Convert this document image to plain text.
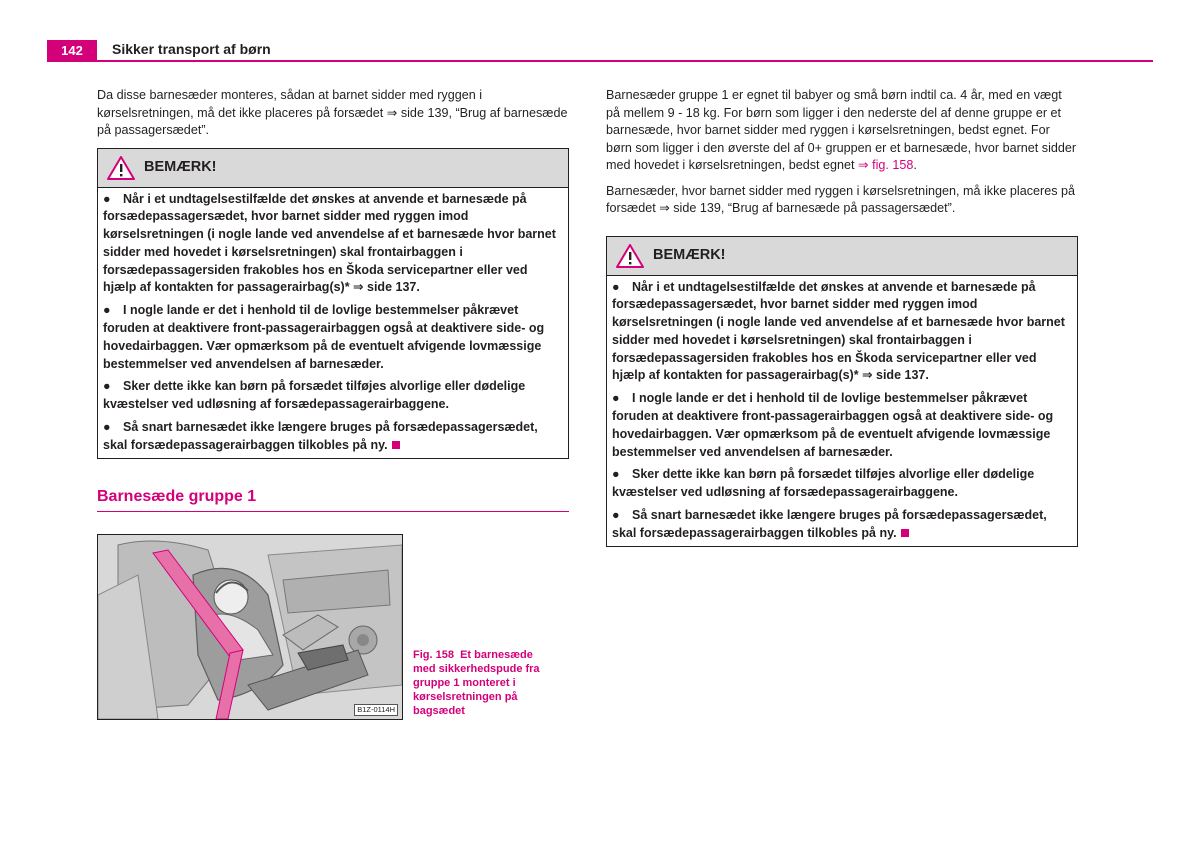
142	Sikker transport af børn

Da disse barnesæder monteres, sådan at barnet sidder med ryggen i kørselsretningen, må det ikke placeres på forsædet ⇒ side 139, “Brug af barnesæde på passagersædet”.

BEMÆRK!
● Når i et undtagelsestilfælde det ønskes at anvende et barnesæde på forsædepassagersædet, hvor barnet sidder med ryggen imod kørselsretningen (i nogle lande ved anvendelse af et barnesæde hvor barnet sidder med hovedet i kørselsretningen) skal frontairbaggen i forsædepassagersiden frakobles hos en Škoda servicepartner eller ved hjælp af kontakten for passagerairbag(s)* ⇒ side 137.
● I nogle lande er det i henhold til de lovlige bestemmelser påkrævet foruden at deaktivere front-passagerairbaggen også at deaktivere side- og hovedairbaggen. Vær opmærksom på de eventuelt afvigende lovmæssige bestemmelser ved anvendelsen af barnesæder.
● Sker dette ikke kan børn på forsædet tilføjes alvorlige eller dødelige kvæstelser ved udløsning af forsædepassagerairbaggene.
● Så snart barnesædet ikke længere bruges på forsædepassagersædet, skal forsædepassagerairbaggen tilkobles på ny.
Barnesæde gruppe 1
B1Z-0114H
Fig. 158 Et barnesæde med sikkerhedspude fra gruppe 1 monteret i kørselsretningen på bagsædet

Barnesæder gruppe 1 er egnet til babyer og små børn indtil ca. 4 år, med en vægt på mellem 9 - 18 kg. For børn som ligger i den nederste del af denne gruppe er et barnesæde, hvor barnet sidder med ryggen i kørselsretningen, bedst egnet. For børn som ligger i den øverste del af 0+ gruppen er et barnesæde, hvor barnet sidder med hovedet i kørselsretningen, bedst egnet ⇒ fig. 158.

Barnesæder, hvor barnet sidder med ryggen i kørselsretningen, må ikke placeres på forsædet ⇒ side 139, “Brug af barnesæde på passagersædet”.

BEMÆRK!
● Når i et undtagelsestilfælde det ønskes at anvende et barnesæde på forsædepassagersædet, hvor barnet sidder med ryggen imod kørselsretningen (i nogle lande ved anvendelse af et barnesæde hvor barnet sidder med hovedet i kørselsretningen) skal frontairbaggen i forsædepassagersiden frakobles hos en Škoda servicepartner eller ved hjælp af kontakten for passagerairbag(s)* ⇒ side 137.
● I nogle lande er det i henhold til de lovlige bestemmelser påkrævet foruden at deaktivere front-passagerairbaggen også at deaktivere side- og hovedairbaggen. Vær opmærksom på de eventuelt afvigende lovmæssige bestemmelser ved anvendelsen af barnesæder.
● Sker dette ikke kan børn på forsædet tilføjes alvorlige eller dødelige kvæstelser ved udløsning af forsædepassagerairbaggene.
● Så snart barnesædet ikke længere bruges på forsædepassagersædet, skal forsædepassagerairbaggen tilkobles på ny.
